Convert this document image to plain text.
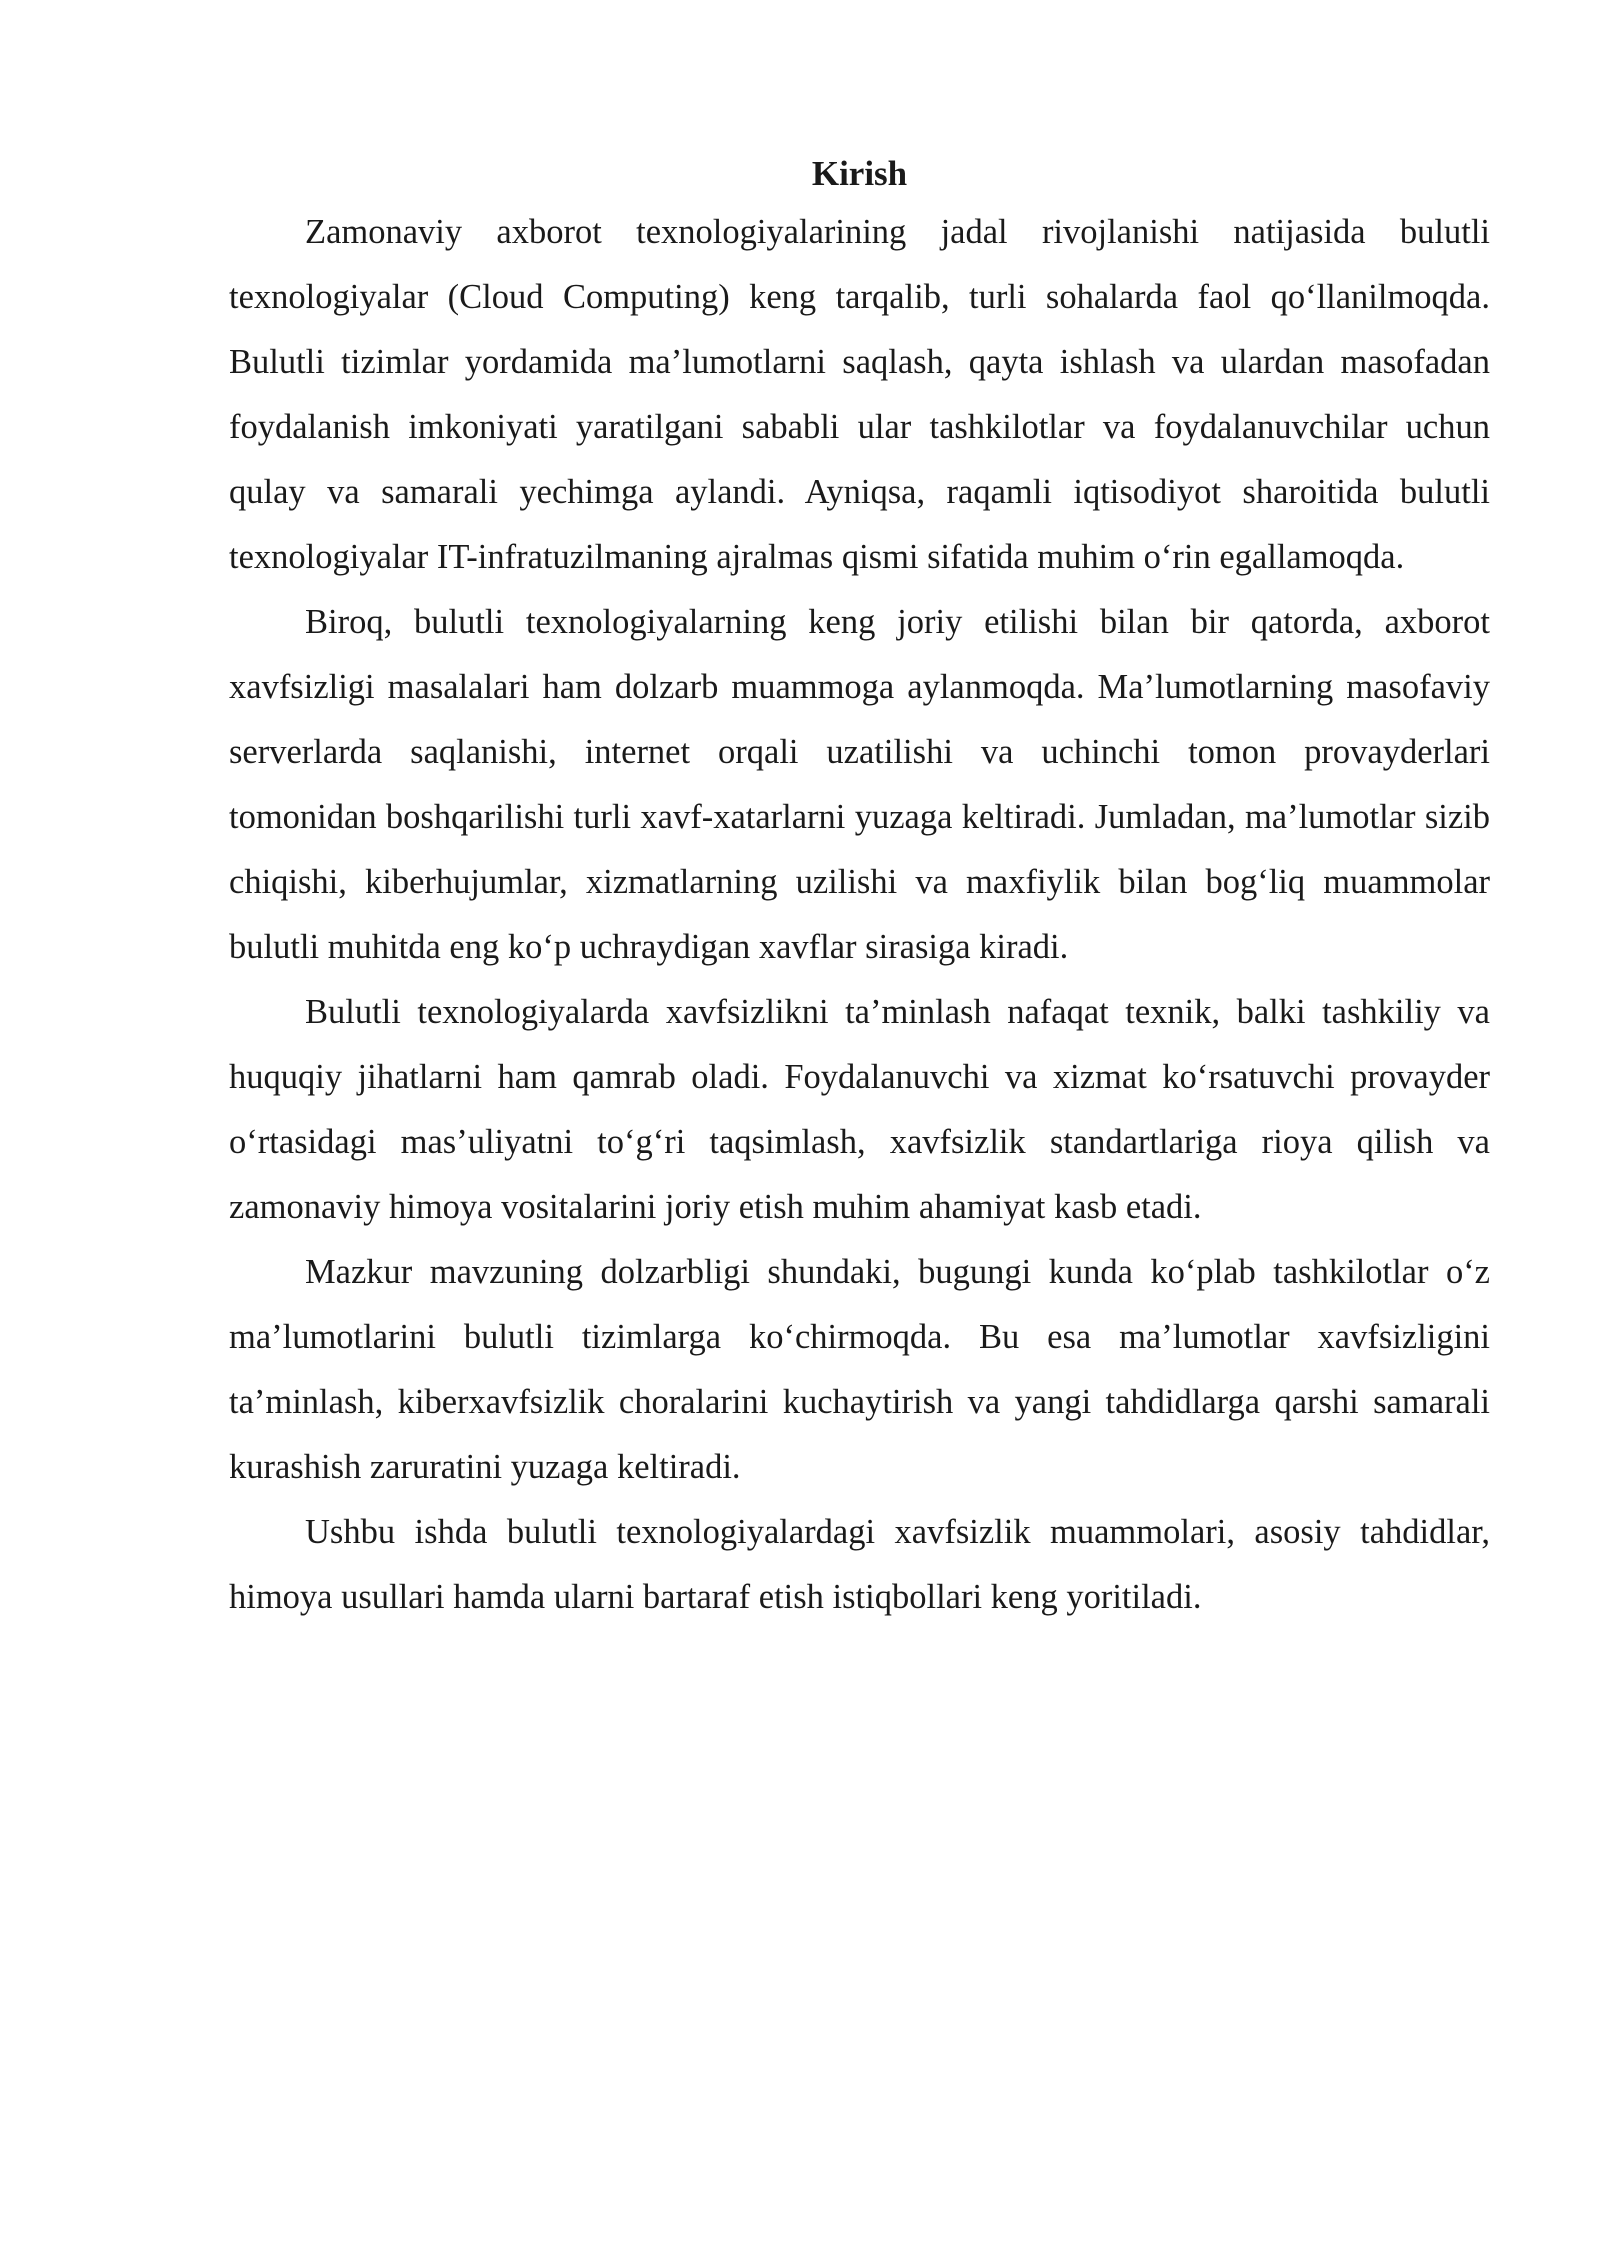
Kirish

Zamonaviy axborot texnologiyalarining jadal rivojlanishi natijasida bulutli texnologiyalar (Cloud Computing) keng tarqalib, turli sohalarda faol qo‘llanilmoqda. Bulutli tizimlar yordamida ma’lumotlarni saqlash, qayta ishlash va ulardan masofadan foydalanish imkoniyati yaratilgani sababli ular tashkilotlar va foydalanuvchilar uchun qulay va samarali yechimga aylandi. Ayniqsa, raqamli iqtisodiyot sharoitida bulutli texnologiyalar IT-infratuzilmaning ajralmas qismi sifatida muhim o‘rin egallamoqda.

Biroq, bulutli texnologiyalarning keng joriy etilishi bilan bir qatorda, axborot xavfsizligi masalalari ham dolzarb muammoga aylanmoqda. Ma’lumotlarning masofaviy serverlarda saqlanishi, internet orqali uzatilishi va uchinchi tomon provayderlari tomonidan boshqarilishi turli xavf-xatarlarni yuzaga keltiradi. Jumladan, ma’lumotlar sizib chiqishi, kiberhujumlar, xizmatlarning uzilishi va maxfiylik bilan bog‘liq muammolar bulutli muhitda eng ko‘p uchraydigan xavflar sirasiga kiradi.

Bulutli texnologiyalarda xavfsizlikni ta’minlash nafaqat texnik, balki tashkiliy va huquqiy jihatlarni ham qamrab oladi. Foydalanuvchi va xizmat ko‘rsatuvchi provayder o‘rtasidagi mas’uliyatni to‘g‘ri taqsimlash, xavfsizlik standartlariga rioya qilish va zamonaviy himoya vositalarini joriy etish muhim ahamiyat kasb etadi.

Mazkur mavzuning dolzarbligi shundaki, bugungi kunda ko‘plab tashkilotlar o‘z ma’lumotlarini bulutli tizimlarga ko‘chirmoqda. Bu esa ma’lumotlar xavfsizligini ta’minlash, kiberxavfsizlik choralarini kuchaytirish va yangi tahdidlarga qarshi samarali kurashish zaruratini yuzaga keltiradi.

Ushbu ishda bulutli texnologiyalardagi xavfsizlik muammolari, asosiy tahdidlar, himoya usullari hamda ularni bartaraf etish istiqbollari keng yoritiladi.
